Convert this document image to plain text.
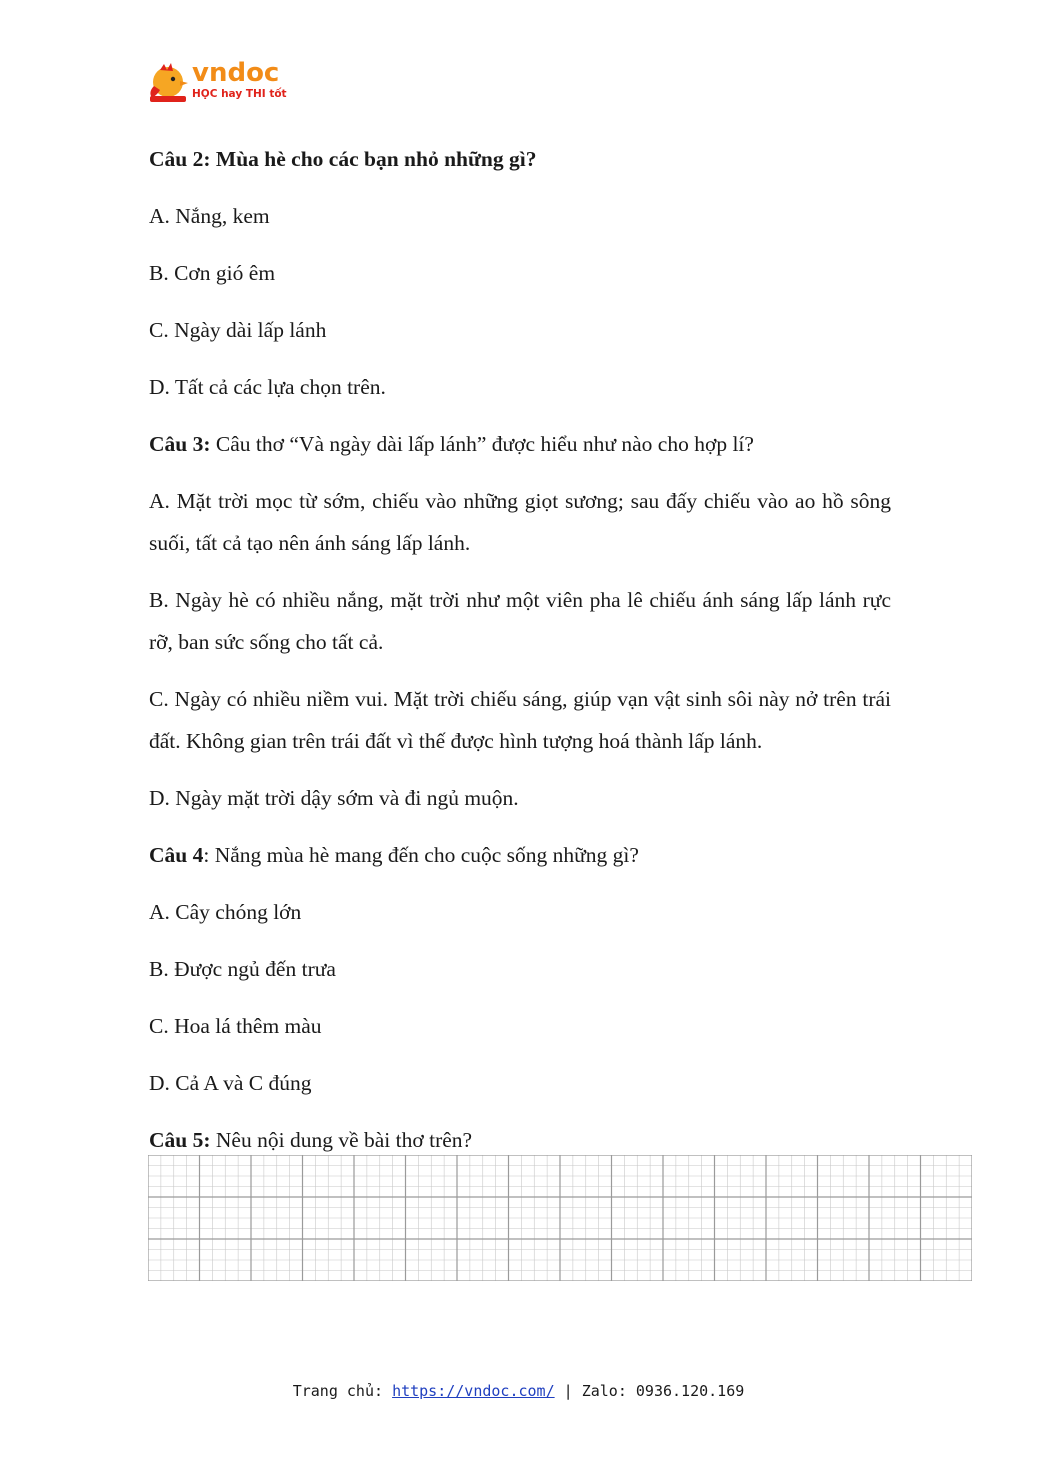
vndoc
HỌC hay THI tốt

Câu 2: Mùa hè cho các bạn nhỏ những gì?

A. Nắng, kem

B. Cơn gió êm

C. Ngày dài lấp lánh

D. Tất cả các lựa chọn trên.

Câu 3: Câu thơ “Và ngày dài lấp lánh” được hiểu như nào cho hợp lí?

A. Mặt trời mọc từ sớm, chiếu vào những giọt sương; sau đấy chiếu vào ao hồ sông suối, tất cả tạo nên ánh sáng lấp lánh.

B. Ngày hè có nhiều nắng, mặt trời như một viên pha lê chiếu ánh sáng lấp lánh rực rỡ, ban sức sống cho tất cả.

C. Ngày có nhiều niềm vui. Mặt trời chiếu sáng, giúp vạn vật sinh sôi này nở trên trái đất. Không gian trên trái đất vì thế được hình tượng hoá thành lấp lánh.

D. Ngày mặt trời dậy sớm và đi ngủ muộn.

Câu 4: Nắng mùa hè mang đến cho cuộc sống những gì?

A. Cây chóng lớn

B. Được ngủ đến trưa

C. Hoa lá thêm màu

D. Cả A và C đúng

Câu 5: Nêu nội dung về bài thơ trên?

Trang chủ: https://vndoc.com/ | Zalo: 0936.120.169
